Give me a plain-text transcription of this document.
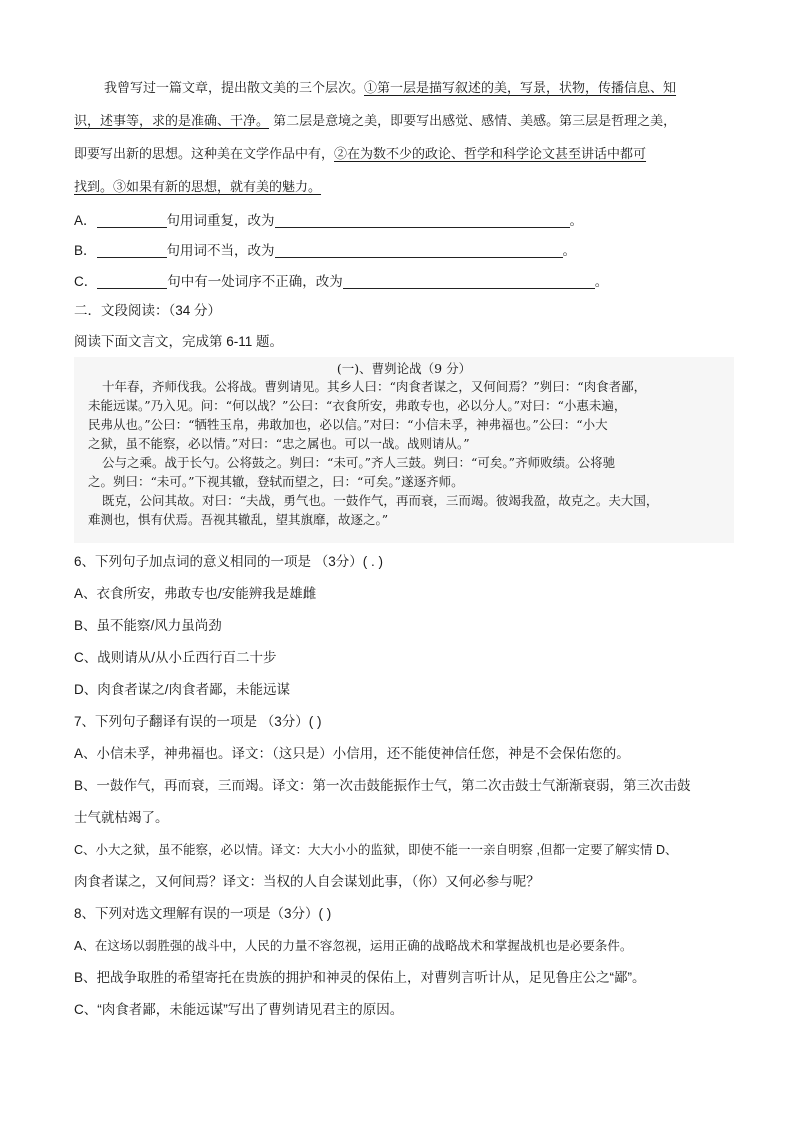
我曾写过一篇文章，提出散文美的三个层次。①第一层是描写叙述的美，写景，状物，传播信息、知
识，述事等，求的是准确、干净。 第二层是意境之美，即要写出感觉、感情、美感。第三层是哲理之美，
即要写出新的思想。这种美在文学作品中有，②在为数不少的政论、哲学和科学论文甚至讲话中都可
找到。③如果有新的思想，就有美的魅力。
A．	句用词重复，改为	。
B．	句用词不当，改为	。
C．	句中有一处词序不正确，改为	。
二．文段阅读：（34 分）
阅读下面文言文，完成第 6-11 题。
(一)、曹刿论战（9 分）
十年春，齐师伐我。公将战。曹刿请见。其乡人曰：“肉食者谋之，又何间焉？”刿曰：“肉食者鄙，
未能远谋。”乃入见。问：“何以战？”公曰：“衣食所安，弗敢专也，必以分人。”对曰：“小惠未遍，
民弗从也。”公曰：“牺牲玉帛，弗敢加也，必以信。”对曰：“小信未孚，神弗福也。”公曰：“小大
之狱，虽不能察，必以情。”对曰：“忠之属也。可以一战。战则请从。”
公与之乘。战于长勺。公将鼓之。刿曰：“未可。”齐人三鼓。刿曰：“可矣。”齐师败绩。公将驰
之。刿曰：“未可。”下视其辙，登轼而望之，曰：“可矣。”遂逐齐师。
既克，公问其故。对曰：“夫战，勇气也。一鼓作气，再而衰，三而竭。彼竭我盈，故克之。夫大国，
难测也，惧有伏焉。吾视其辙乱，望其旗靡，故逐之。”
6、下列句子加点词的意义相同的一项是 （3分）( . )
A、衣食所安，弗敢专也/安能辨我是雄雌
B、虽不能察/风力虽尚劲
C、战则请从/从小丘西行百二十步
D、肉食者谋之/肉食者鄙，未能远谋
7、下列句子翻译有误的一项是 （3分）( )
A、小信未孚，神弗福也。译文：（这只是）小信用，还不能使神信任您，神是不会保佑您的。
B、一鼓作气，再而衰，三而竭。译文：第一次击鼓能振作士气，第二次击鼓士气渐渐衰弱，第三次击鼓
士气就枯竭了。
C、小大之狱，虽不能察，必以情。译文：大大小小的监狱，即使不能一一亲自明察 ,但都一定要了解实情 D、
肉食者谋之，又何间焉？译文：当权的人自会谋划此事，（你）又何必参与呢？
8、下列对选文理解有误的一项是（3分）( )
A、在这场以弱胜强的战斗中，人民的力量不容忽视，运用正确的战略战术和掌握战机也是必要条件。
B、把战争取胜的希望寄托在贵族的拥护和神灵的保佑上，对曹刿言听计从，足见鲁庄公之“鄙”。
C、“肉食者鄙，未能远谋”写出了曹刿请见君主的原因。
